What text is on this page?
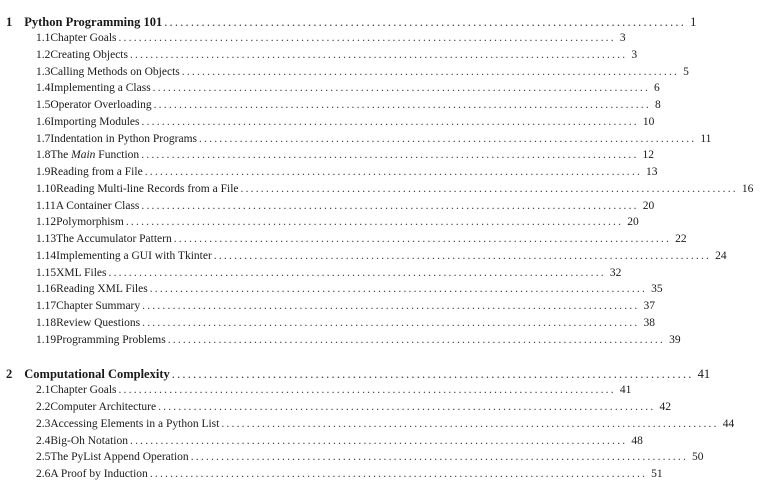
1 Python Programming 101 .................................................................................................. 1
1.1 Chapter Goals .................................................................................................. 3
1.2 Creating Objects .................................................................................................. 3
1.3 Calling Methods on Objects .................................................................................................. 5
1.4 Implementing a Class .................................................................................................. 6
1.5 Operator Overloading .................................................................................................. 8
1.6 Importing Modules .................................................................................................. 10
1.7 Indentation in Python Programs .................................................................................................. 11
1.8 The Main Function .................................................................................................. 12
1.9 Reading from a File .................................................................................................. 13
1.10 Reading Multi-line Records from a File .................................................................................................. 16
1.11 A Container Class .................................................................................................. 20
1.12 Polymorphism .................................................................................................. 20
1.13 The Accumulator Pattern .................................................................................................. 22
1.14 Implementing a GUI with Tkinter .................................................................................................. 24
1.15 XML Files .................................................................................................. 32
1.16 Reading XML Files .................................................................................................. 35
1.17 Chapter Summary .................................................................................................. 37
1.18 Review Questions .................................................................................................. 38
1.19 Programming Problems .................................................................................................. 39
2 Computational Complexity .................................................................................................. 41
2.1 Chapter Goals .................................................................................................. 41
2.2 Computer Architecture .................................................................................................. 42
2.3 Accessing Elements in a Python List .................................................................................................. 44
2.4 Big-Oh Notation .................................................................................................. 48
2.5 The PyList Append Operation .................................................................................................. 50
2.6 A Proof by Induction .................................................................................................. 51
